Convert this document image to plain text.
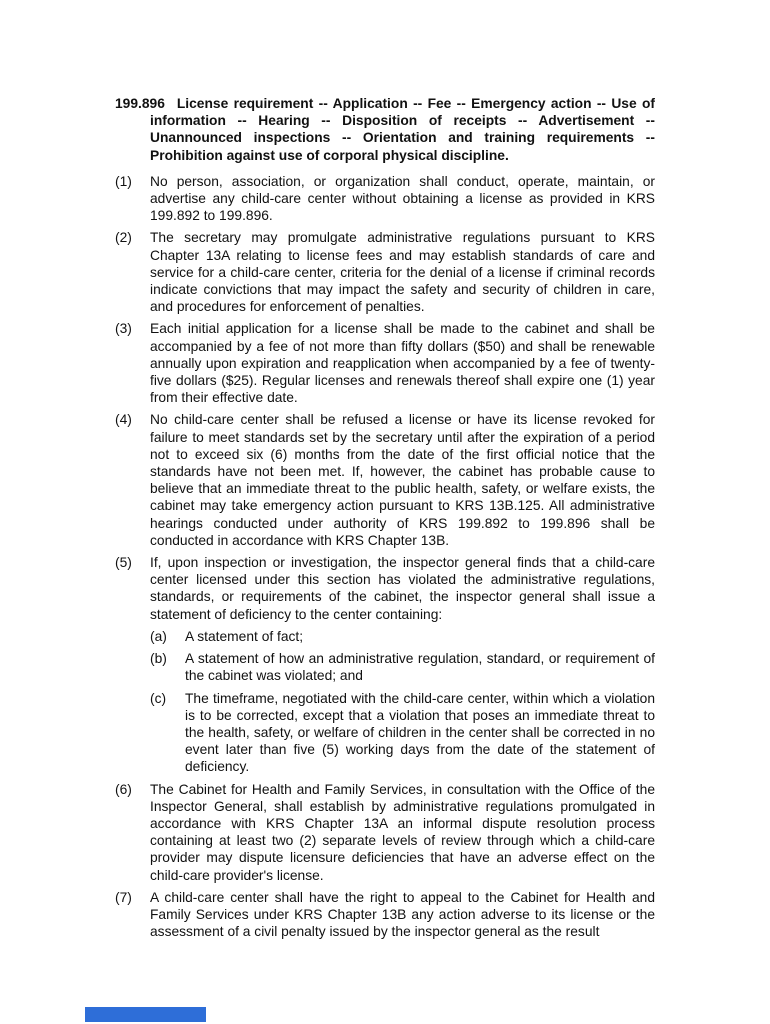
199.896 License requirement -- Application -- Fee -- Emergency action -- Use of information -- Hearing -- Disposition of receipts -- Advertisement -- Unannounced inspections -- Orientation and training requirements -- Prohibition against use of corporal physical discipline.

(1) No person, association, or organization shall conduct, operate, maintain, or advertise any child-care center without obtaining a license as provided in KRS 199.892 to 199.896.
(2) The secretary may promulgate administrative regulations pursuant to KRS Chapter 13A relating to license fees and may establish standards of care and service for a child-care center, criteria for the denial of a license if criminal records indicate convictions that may impact the safety and security of children in care, and procedures for enforcement of penalties.
(3) Each initial application for a license shall be made to the cabinet and shall be accompanied by a fee of not more than fifty dollars ($50) and shall be renewable annually upon expiration and reapplication when accompanied by a fee of twenty-five dollars ($25). Regular licenses and renewals thereof shall expire one (1) year from their effective date.
(4) No child-care center shall be refused a license or have its license revoked for failure to meet standards set by the secretary until after the expiration of a period not to exceed six (6) months from the date of the first official notice that the standards have not been met. If, however, the cabinet has probable cause to believe that an immediate threat to the public health, safety, or welfare exists, the cabinet may take emergency action pursuant to KRS 13B.125. All administrative hearings conducted under authority of KRS 199.892 to 199.896 shall be conducted in accordance with KRS Chapter 13B.
(5) If, upon inspection or investigation, the inspector general finds that a child-care center licensed under this section has violated the administrative regulations, standards, or requirements of the cabinet, the inspector general shall issue a statement of deficiency to the center containing:
(a) A statement of fact;
(b) A statement of how an administrative regulation, standard, or requirement of the cabinet was violated; and
(c) The timeframe, negotiated with the child-care center, within which a violation is to be corrected, except that a violation that poses an immediate threat to the health, safety, or welfare of children in the center shall be corrected in no event later than five (5) working days from the date of the statement of deficiency.
(6) The Cabinet for Health and Family Services, in consultation with the Office of the Inspector General, shall establish by administrative regulations promulgated in accordance with KRS Chapter 13A an informal dispute resolution process containing at least two (2) separate levels of review through which a child-care provider may dispute licensure deficiencies that have an adverse effect on the child-care provider's license.
(7) A child-care center shall have the right to appeal to the Cabinet for Health and Family Services under KRS Chapter 13B any action adverse to its license or the assessment of a civil penalty issued by the inspector general as the result
